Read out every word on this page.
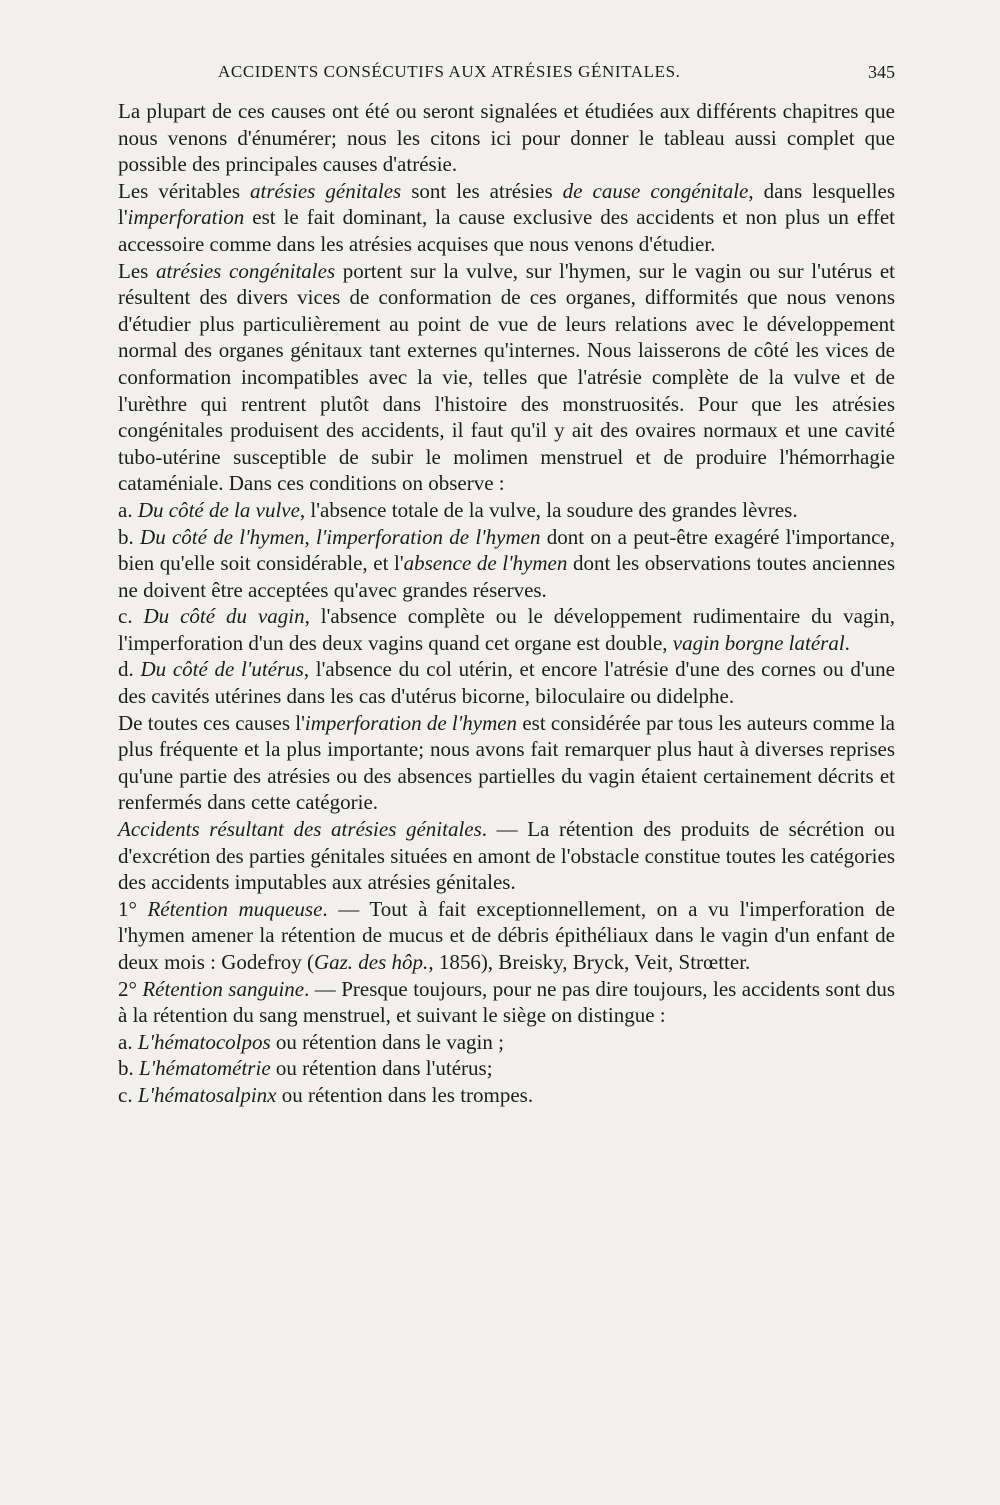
ACCIDENTS CONSÉCUTIFS AUX ATRÉSIES GÉNITALES.	345

La plupart de ces causes ont été ou seront signalées et étudiées aux différents chapitres que nous venons d'énumérer; nous les citons ici pour donner le tableau aussi complet que possible des principales causes d'atrésie.

Les véritables atrésies génitales sont les atrésies de cause congénitale, dans lesquelles l'imperforation est le fait dominant, la cause exclusive des accidents et non plus un effet accessoire comme dans les atrésies acquises que nous venons d'étudier.

Les atrésies congénitales portent sur la vulve, sur l'hymen, sur le vagin ou sur l'utérus et résultent des divers vices de conformation de ces organes, difformités que nous venons d'étudier plus particulièrement au point de vue de leurs relations avec le développement normal des organes génitaux tant externes qu'internes. Nous laisserons de côté les vices de conformation incompatibles avec la vie, telles que l'atrésie complète de la vulve et de l'urèthre qui rentrent plutôt dans l'histoire des monstruosités. Pour que les atrésies congénitales produisent des accidents, il faut qu'il y ait des ovaires normaux et une cavité tubo-utérine susceptible de subir le molimen menstruel et de produire l'hémorrhagie cataméniale. Dans ces conditions on observe :

a. Du côté de la vulve, l'absence totale de la vulve, la soudure des grandes lèvres.

b. Du côté de l'hymen, l'imperforation de l'hymen dont on a peut-être exagéré l'importance, bien qu'elle soit considérable, et l'absence de l'hymen dont les observations toutes anciennes ne doivent être acceptées qu'avec grandes réserves.

c. Du côté du vagin, l'absence complète ou le développement rudimentaire du vagin, l'imperforation d'un des deux vagins quand cet organe est double, vagin borgne latéral.

d. Du côté de l'utérus, l'absence du col utérin, et encore l'atrésie d'une des cornes ou d'une des cavités utérines dans les cas d'utérus bicorne, biloculaire ou didelphe.

De toutes ces causes l'imperforation de l'hymen est considérée par tous les auteurs comme la plus fréquente et la plus importante; nous avons fait remarquer plus haut à diverses reprises qu'une partie des atrésies ou des absences partielles du vagin étaient certainement décrits et renfermés dans cette catégorie.

Accidents résultant des atrésies génitales. — La rétention des produits de sécrétion ou d'excrétion des parties génitales situées en amont de l'obstacle constitue toutes les catégories des accidents imputables aux atrésies génitales.

1° Rétention muqueuse. — Tout à fait exceptionnellement, on a vu l'imperforation de l'hymen amener la rétention de mucus et de débris épithéliaux dans le vagin d'un enfant de deux mois : Godefroy (Gaz. des hôp., 1856), Breisky, Bryck, Veit, Strœtter.

2° Rétention sanguine. — Presque toujours, pour ne pas dire toujours, les accidents sont dus à la rétention du sang menstruel, et suivant le siège on distingue :

a. L'hématocolpos ou rétention dans le vagin ;

b. L'hématométrie ou rétention dans l'utérus;

c. L'hématosalpinx ou rétention dans les trompes.
